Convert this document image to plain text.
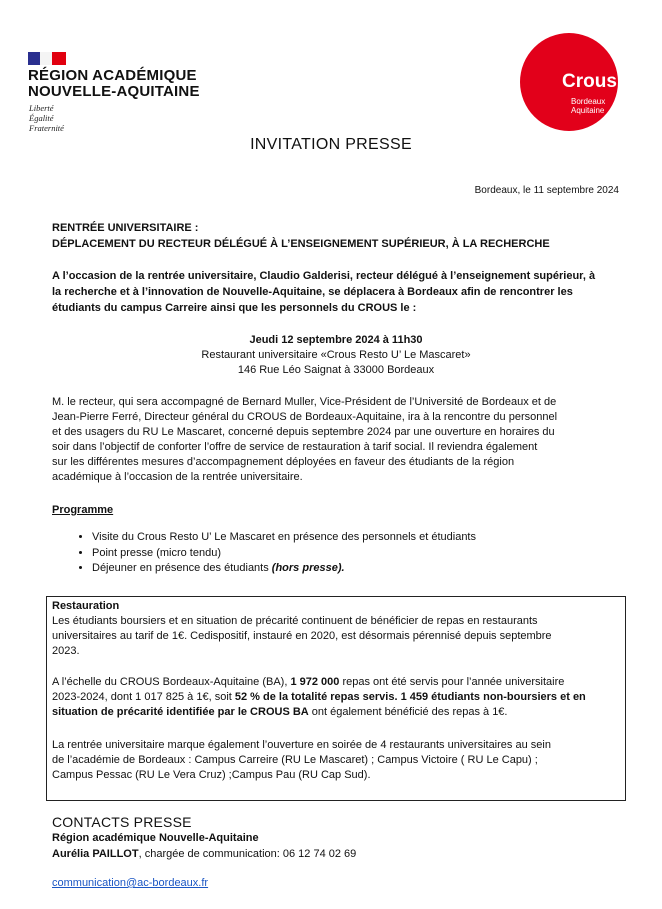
RÉGION ACADÉMIQUE
NOUVELLE-AQUITAINE
Liberté
Égalité
Fraternité
Crous
Bordeaux
Aquitaine
INVITATION PRESSE
Bordeaux, le 11 septembre 2024
RENTRÉE UNIVERSITAIRE :
DÉPLACEMENT DU RECTEUR DÉLÉGUÉ À L’ENSEIGNEMENT SUPÉRIEUR, À LA RECHERCHE
A l’occasion de la rentrée universitaire, Claudio Galderisi, recteur délégué à l’enseignement supérieur, à
la recherche et à l’innovation de Nouvelle-Aquitaine, se déplacera à Bordeaux afin de rencontrer les
étudiants du campus Carreire ainsi que les personnels du CROUS le :
Jeudi 12 septembre 2024 à 11h30
Restaurant universitaire «Crous Resto U’ Le Mascaret»
146 Rue Léo Saignat à 33000 Bordeaux
M. le recteur, qui sera accompagné de Bernard Muller, Vice-Président de l’Université de Bordeaux et de
Jean-Pierre Ferré, Directeur général du CROUS de Bordeaux-Aquitaine, ira à la rencontre du personnel
et des usagers du RU Le Mascaret, concerné depuis septembre 2024 par une ouverture en horaires du
soir dans l’objectif de conforter l’offre de service de restauration à tarif social. Il reviendra également
sur les différentes mesures d’accompagnement déployées en faveur des étudiants de la région
académique à l’occasion de la rentrée universitaire.
Programme
• Visite du Crous Resto U’ Le Mascaret en présence des personnels et étudiants
• Point presse (micro tendu)
• Déjeuner en présence des étudiants (hors presse).
Restauration
Les étudiants boursiers et en situation de précarité continuent de bénéficier de repas en restaurants
universitaires au tarif de 1€. Cedispositif, instauré en 2020, est désormais pérennisé depuis septembre
2023.
A l’échelle du CROUS Bordeaux-Aquitaine (BA), 1 972 000 repas ont été servis pour l’année universitaire
2023-2024, dont 1 017 825 à 1€, soit 52 % de la totalité repas servis. 1 459 étudiants non-boursiers et en
situation de précarité identifiée par le CROUS BA ont également bénéficié des repas à 1€.
La rentrée universitaire marque également l’ouverture en soirée de 4 restaurants universitaires au sein
de l’académie de Bordeaux : Campus Carreire (RU Le Mascaret) ; Campus Victoire ( RU Le Capu) ;
Campus Pessac (RU Le Vera Cruz) ;Campus Pau (RU Cap Sud).
CONTACTS PRESSE
Région académique Nouvelle-Aquitaine
Aurélia PAILLOT, chargée de communication: 06 12 74 02 69
communication@ac-bordeaux.fr
